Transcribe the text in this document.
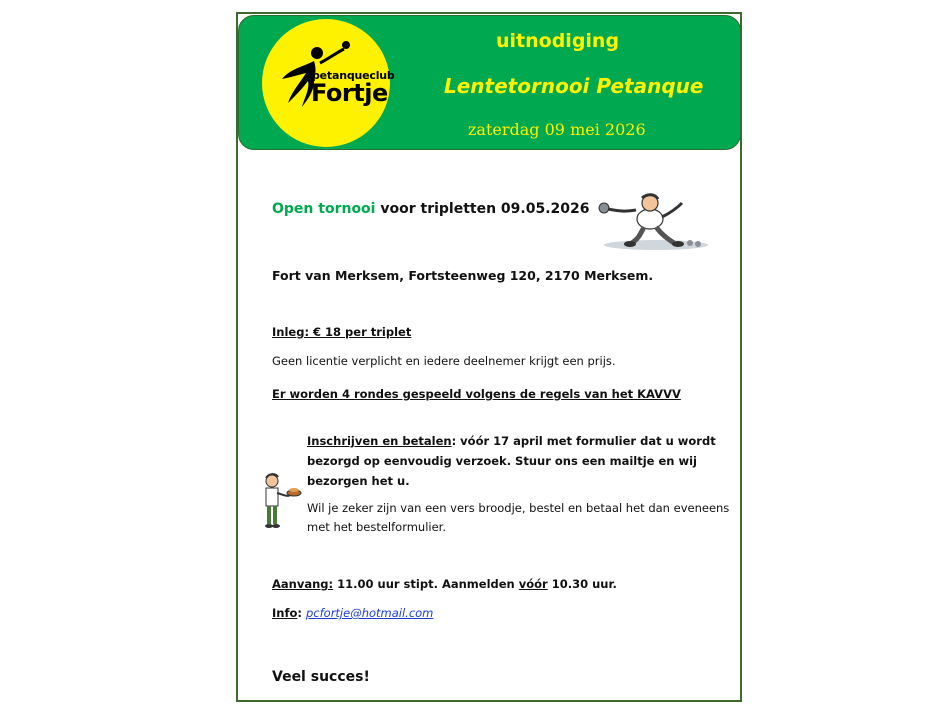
petanqueclub
Fortje
uitnodiging
Lentetornooi Petanque
zaterdag 09 mei 2026
Open tornooi voor tripletten 09.05.2026
Fort van Merksem, Fortsteenweg 120, 2170 Merksem.
Inleg: € 18 per triplet
Geen licentie verplicht en iedere deelnemer krijgt een prijs.
Er worden 4 rondes gespeeld volgens de regels van het KAVVV
Inschrijven en betalen: vóór 17 april met formulier dat u wordt
bezorgd op eenvoudig verzoek. Stuur ons een mailtje en wij
bezorgen het u.
Wil je zeker zijn van een vers broodje, bestel en betaal het dan eveneens
met het bestelformulier.
Aanvang: 11.00 uur stipt. Aanmelden vóór 10.30 uur.
Info: pcfortje@hotmail.com
Veel succes!
